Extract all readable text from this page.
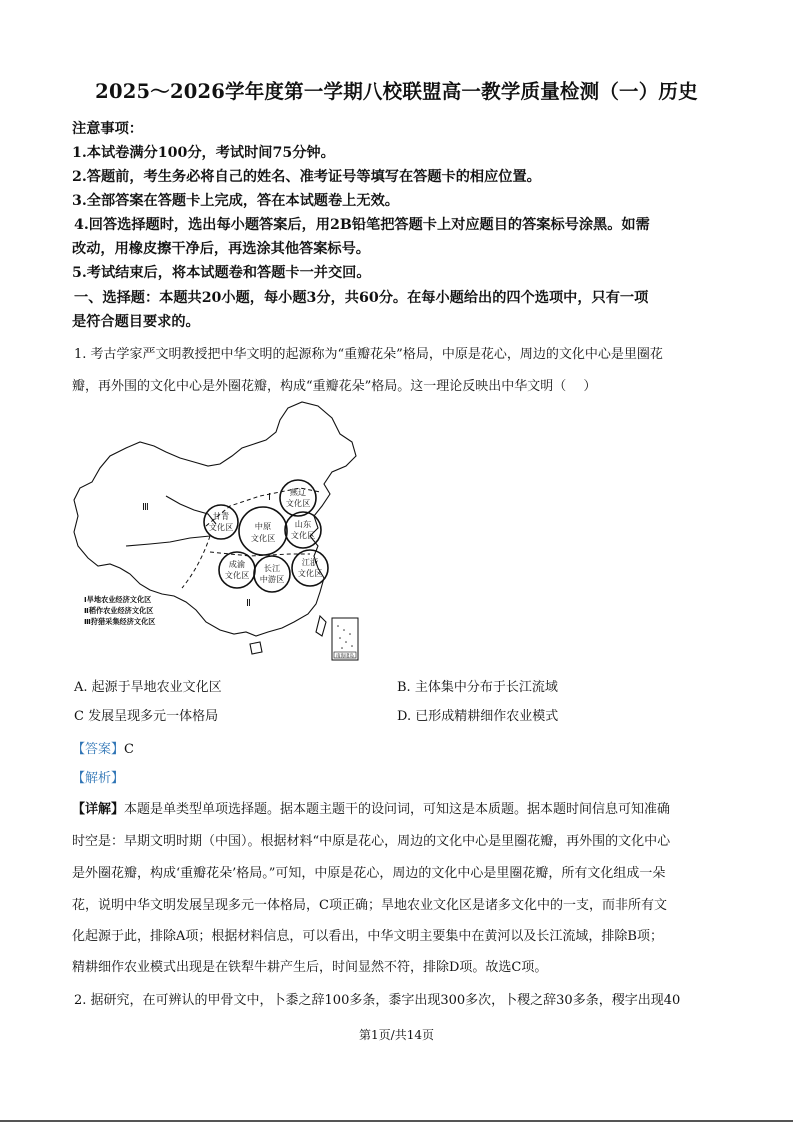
2025～2026学年度第一学期八校联盟高一教学质量检测（一）历史
注意事项：
1.本试卷满分100分，考试时间75分钟。
2.答题前，考生务必将自己的姓名、准考证号等填写在答题卡的相应位置。
3.全部答案在答题卡上完成，答在本试题卷上无效。
4.回答选择题时，选出每小题答案后，用2B铅笔把答题卡上对应题目的答案标号涂黑。如需
改动，用橡皮擦干净后，再选涂其他答案标号。
5.考试结束后，将本试题卷和答题卡一并交回。
一、选择题：本题共20小题，每小题3分，共60分。在每小题给出的四个选项中，只有一项
是符合题目要求的。
1. 考古学家严文明教授把中华文明的起源称为“重瓣花朵”格局，中原是花心，周边的文化中心是里圈花
瓣，再外围的文化中心是外圈花瓣，构成“重瓣花朵”格局。这一理论反映出中华文明（　 ）
燕辽
文化区
甘青
文化区	中原
文化区
山东
文化区
成渝
文化区
长江
中游区
江浙
文化区
Ⅰ
Ⅱ
Ⅲ
Ⅰ旱地农业经济文化区
Ⅱ稻作农业经济文化区
Ⅲ狩猎采集经济文化区
南海诸岛
A. 起源于旱地农业文化区	B. 主体集中分布于长江流域
C 发展呈现多元一体格局	D. 已形成精耕细作农业模式
【答案】C
【解析】
【详解】本题是单类型单项选择题。据本题主题干的设问词，可知这是本质题。据本题时间信息可知准确
时空是：早期文明时期（中国）。根据材料“中原是花心，周边的文化中心是里圈花瓣，再外围的文化中心
是外圈花瓣，构成‘重瓣花朵’格局。”可知，中原是花心，周边的文化中心是里圈花瓣，所有文化组成一朵
花，说明中华文明发展呈现多元一体格局，C项正确；旱地农业文化区是诸多文化中的一支，而非所有文
化起源于此，排除A项；根据材料信息，可以看出，中华文明主要集中在黄河以及长江流域，排除B项；
精耕细作农业模式出现是在铁犁牛耕产生后，时间显然不符，排除D项。故选C项。
2. 据研究，在可辨认的甲骨文中，卜黍之辞100多条，黍字出现300多次，卜稷之辞30多条，稷字出现40
第1页/共14页
